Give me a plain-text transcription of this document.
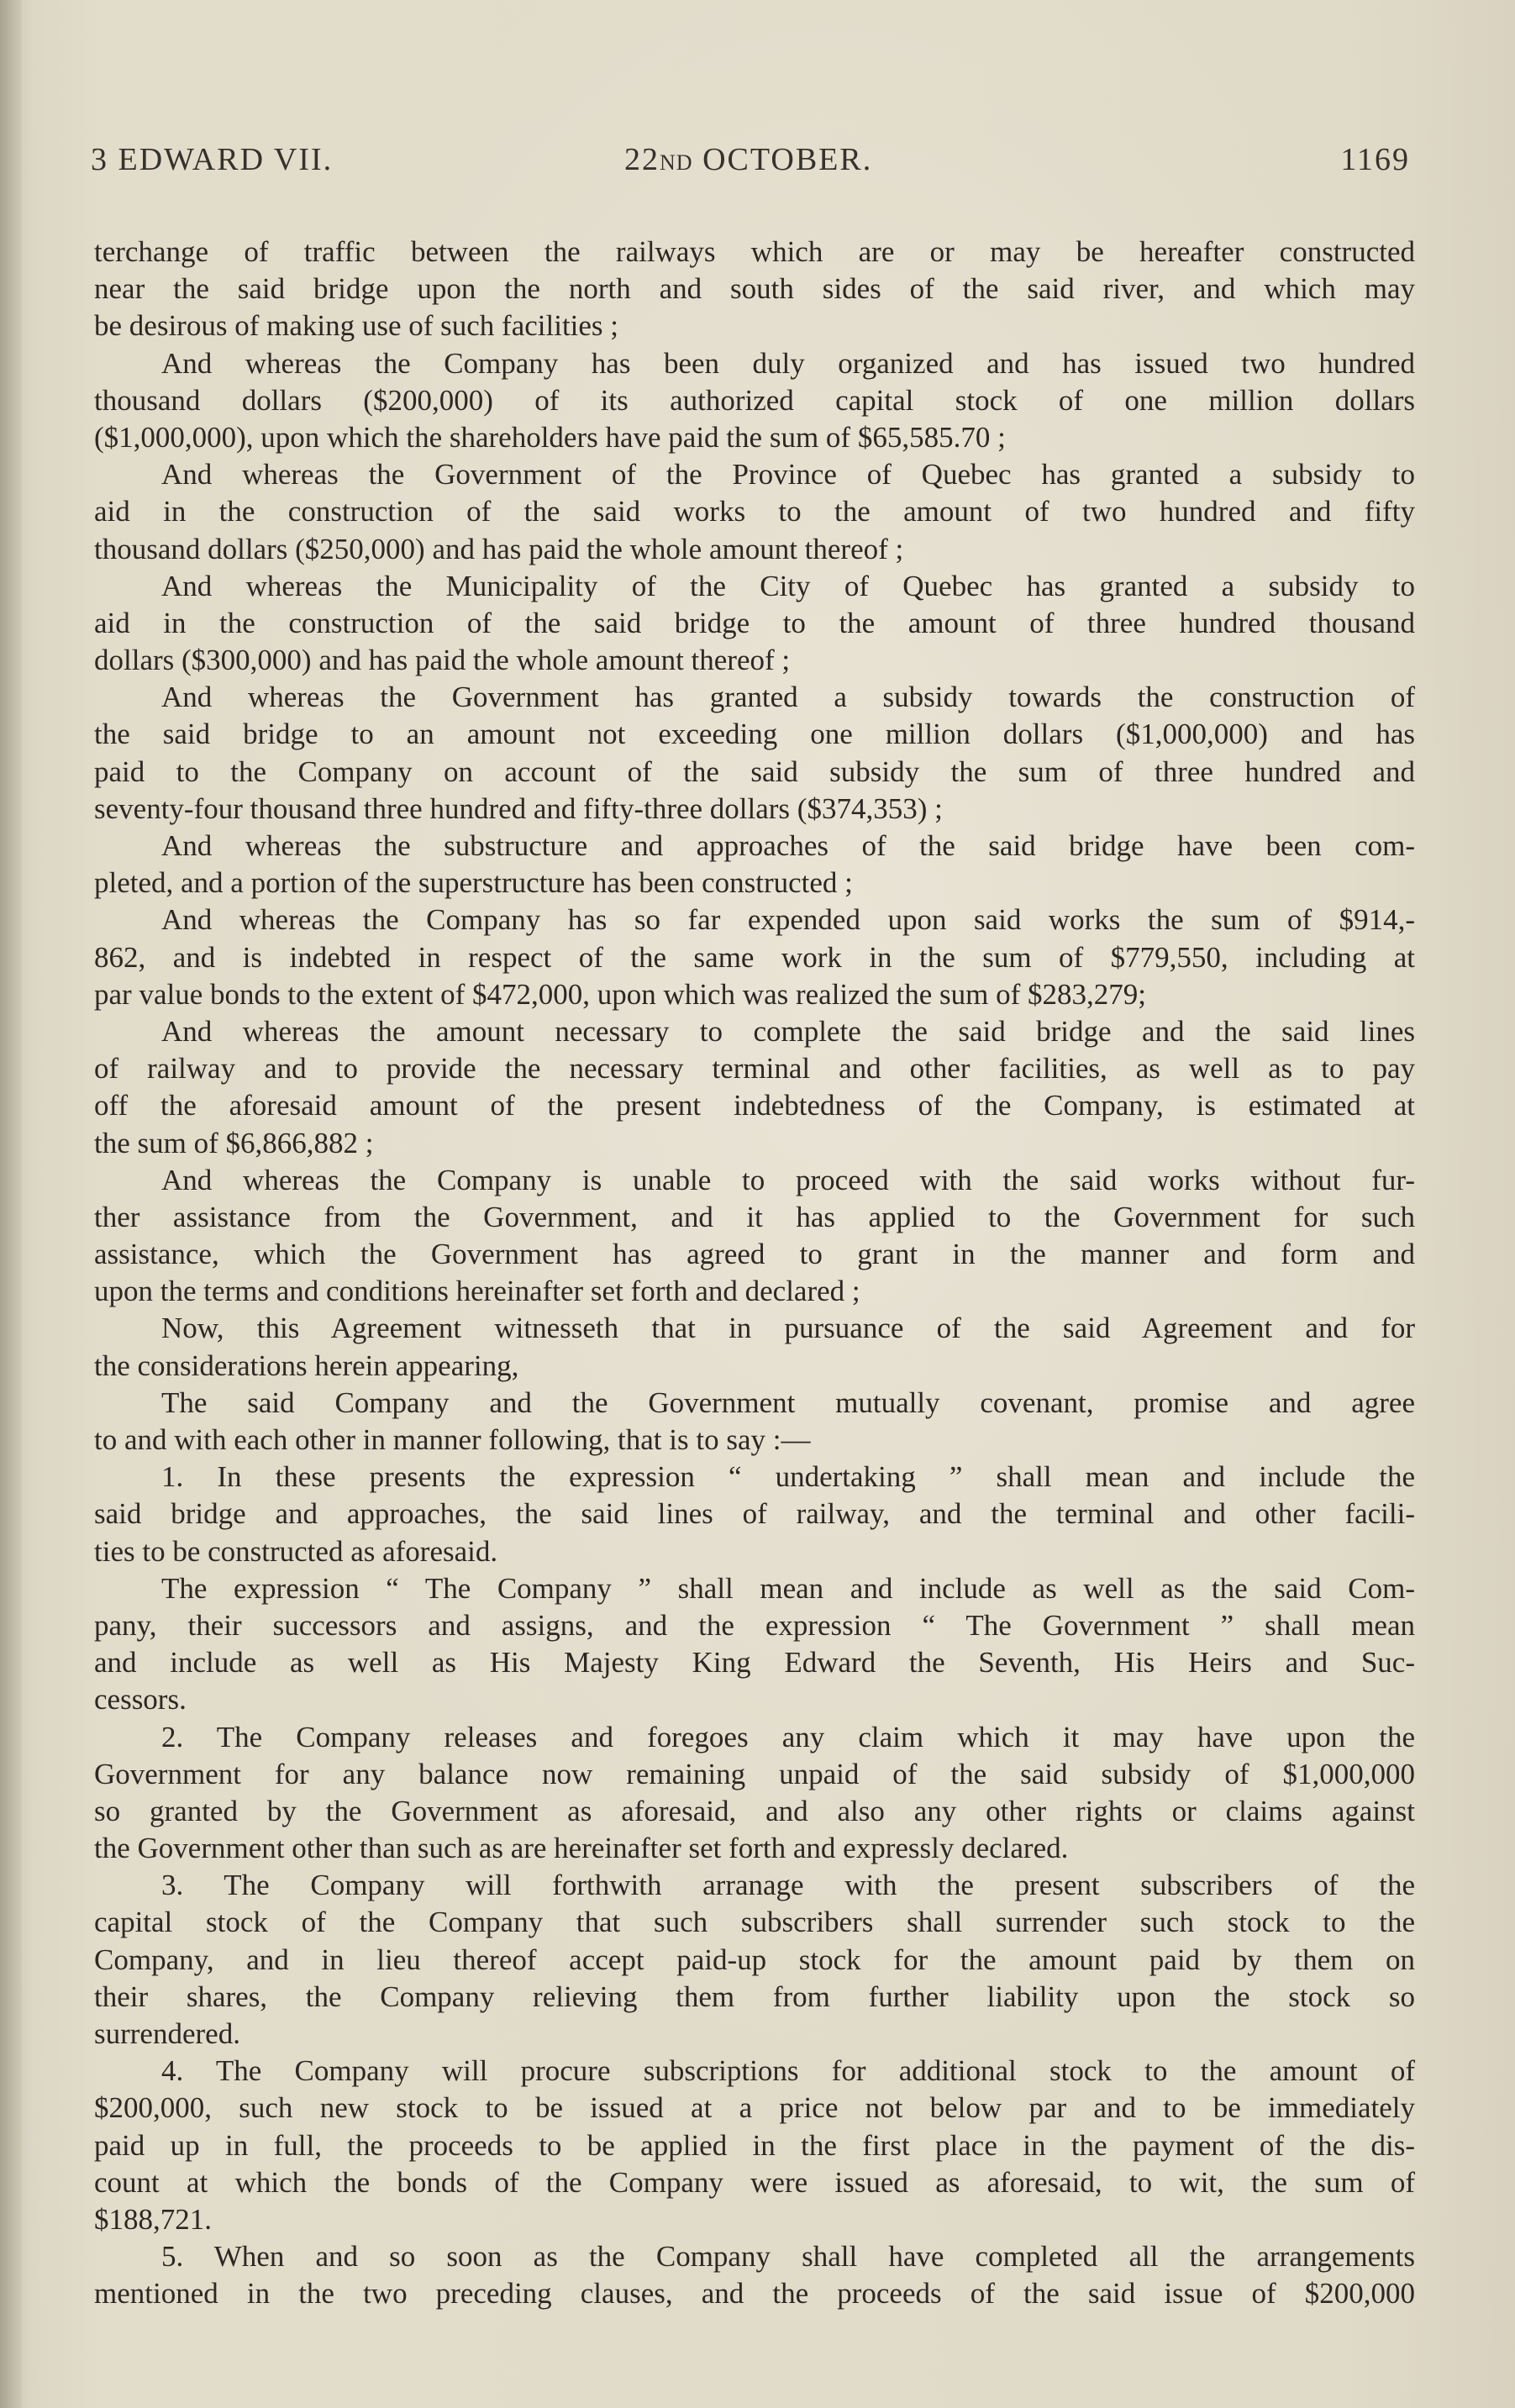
3 EDWARD VII.	22ND OCTOBER.	1169
terchange of traffic between the railways which are or may be hereafter constructed
near the said bridge upon the north and south sides of the said river, and which may
be desirous of making use of such facilities ;
And whereas the Company has been duly organized and has issued two hundred
thousand dollars ($200,000) of its authorized capital stock of one million dollars
($1,000,000), upon which the shareholders have paid the sum of $65,585.70 ;
And whereas the Government of the Province of Quebec has granted a subsidy to
aid in the construction of the said works to the amount of two hundred and fifty
thousand dollars ($250,000) and has paid the whole amount thereof ;
And whereas the Municipality of the City of Quebec has granted a subsidy to
aid in the construction of the said bridge to the amount of three hundred thousand
dollars ($300,000) and has paid the whole amount thereof ;
And whereas the Government has granted a subsidy towards the construction of
the said bridge to an amount not exceeding one million dollars ($1,000,000) and has
paid to the Company on account of the said subsidy the sum of three hundred and
seventy-four thousand three hundred and fifty-three dollars ($374,353) ;
And whereas the substructure and approaches of the said bridge have been com-
pleted, and a portion of the superstructure has been constructed ;
And whereas the Company has so far expended upon said works the sum of $914,-
862, and is indebted in respect of the same work in the sum of $779,550, including at
par value bonds to the extent of $472,000, upon which was realized the sum of $283,279;
And whereas the amount necessary to complete the said bridge and the said lines
of railway and to provide the necessary terminal and other facilities, as well as to pay
off the aforesaid amount of the present indebtedness of the Company, is estimated at
the sum of $6,866,882 ;
And whereas the Company is unable to proceed with the said works without fur-
ther assistance from the Government, and it has applied to the Government for such
assistance, which the Government has agreed to grant in the manner and form and
upon the terms and conditions hereinafter set forth and declared ;
Now, this Agreement witnesseth that in pursuance of the said Agreement and for
the considerations herein appearing,
The said Company and the Government mutually covenant, promise and agree
to and with each other in manner following, that is to say :—
1. In these presents the expression “ undertaking ” shall mean and include the
said bridge and approaches, the said lines of railway, and the terminal and other facili-
ties to be constructed as aforesaid.
The expression “ The Company ” shall mean and include as well as the said Com-
pany, their successors and assigns, and the expression “ The Government ” shall mean
and include as well as His Majesty King Edward the Seventh, His Heirs and Suc-
cessors.
2. The Company releases and foregoes any claim which it may have upon the
Government for any balance now remaining unpaid of the said subsidy of $1,000,000
so granted by the Government as aforesaid, and also any other rights or claims against
the Government other than such as are hereinafter set forth and expressly declared.
3. The Company will forthwith arranage with the present subscribers of the
capital stock of the Company that such subscribers shall surrender such stock to the
Company, and in lieu thereof accept paid-up stock for the amount paid by them on
their shares, the Company relieving them from further liability upon the stock so
surrendered.
4. The Company will procure subscriptions for additional stock to the amount of
$200,000, such new stock to be issued at a price not below par and to be immediately
paid up in full, the proceeds to be applied in the first place in the payment of the dis-
count at which the bonds of the Company were issued as aforesaid, to wit, the sum of
$188,721.
5. When and so soon as the Company shall have completed all the arrangements
mentioned in the two preceding clauses, and the proceeds of the said issue of $200,000
